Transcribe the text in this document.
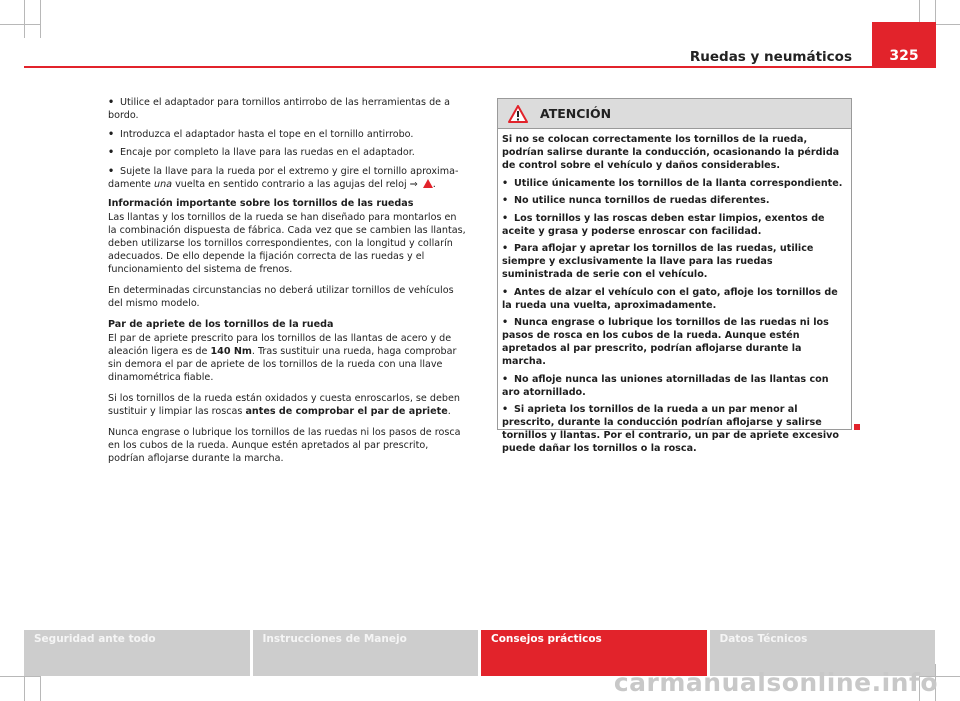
Ruedas y neumáticos	325

• Utilice el adaptador para tornillos antirrobo de las herramientas de a bordo.

• Introduzca el adaptador hasta el tope en el tornillo antirrobo.

• Encaje por completo la llave para las ruedas en el adaptador.

• Sujete la llave para la rueda por el extremo y gire el tornillo aproximadamente una vuelta en sentido contrario a las agujas del reloj ⇒ .

Información importante sobre los tornillos de las ruedas

Las llantas y los tornillos de la rueda se han diseñado para montarlos en la combinación dispuesta de fábrica. Cada vez que se cambien las llantas, deben utilizarse los tornillos correspondientes, con la longitud y collarín adecuados. De ello depende la fijación correcta de las ruedas y el funcionamiento del sistema de frenos.

En determinadas circunstancias no deberá utilizar tornillos de vehículos del mismo modelo.

Par de apriete de los tornillos de la rueda

El par de apriete prescrito para los tornillos de las llantas de acero y de aleación ligera es de 140 Nm. Tras sustituir una rueda, haga comprobar sin demora el par de apriete de los tornillos de la rueda con una llave dinamométrica fiable.

Si los tornillos de la rueda están oxidados y cuesta enroscarlos, se deben sustituir y limpiar las roscas antes de comprobar el par de apriete.

Nunca engrase o lubrique los tornillos de las ruedas ni los pasos de rosca en los cubos de la rueda. Aunque estén apretados al par prescrito, podrían aflojarse durante la marcha.

ATENCIÓN

Si no se colocan correctamente los tornillos de la rueda, podrían salirse durante la conducción, ocasionando la pérdida de control sobre el vehículo y daños considerables.

• Utilice únicamente los tornillos de la llanta correspondiente.

• No utilice nunca tornillos de ruedas diferentes.

• Los tornillos y las roscas deben estar limpios, exentos de aceite y grasa y poderse enroscar con facilidad.

• Para aflojar y apretar los tornillos de las ruedas, utilice siempre y exclusivamente la llave para las ruedas suministrada de serie con el vehículo.

• Antes de alzar el vehículo con el gato, afloje los tornillos de la rueda una vuelta, aproximadamente.

• Nunca engrase o lubrique los tornillos de las ruedas ni los pasos de rosca en los cubos de la rueda. Aunque estén apretados al par prescrito, podrían aflojarse durante la marcha.

• No afloje nunca las uniones atornilladas de las llantas con aro atornillado.

• Si aprieta los tornillos de la rueda a un par menor al prescrito, durante la conducción podrían aflojarse y salirse tornillos y llantas. Por el contrario, un par de apriete excesivo puede dañar los tornillos o la rosca.

Seguridad ante todo	Instrucciones de Manejo	Consejos prácticos	Datos Técnicos
carmanualsonline.info
